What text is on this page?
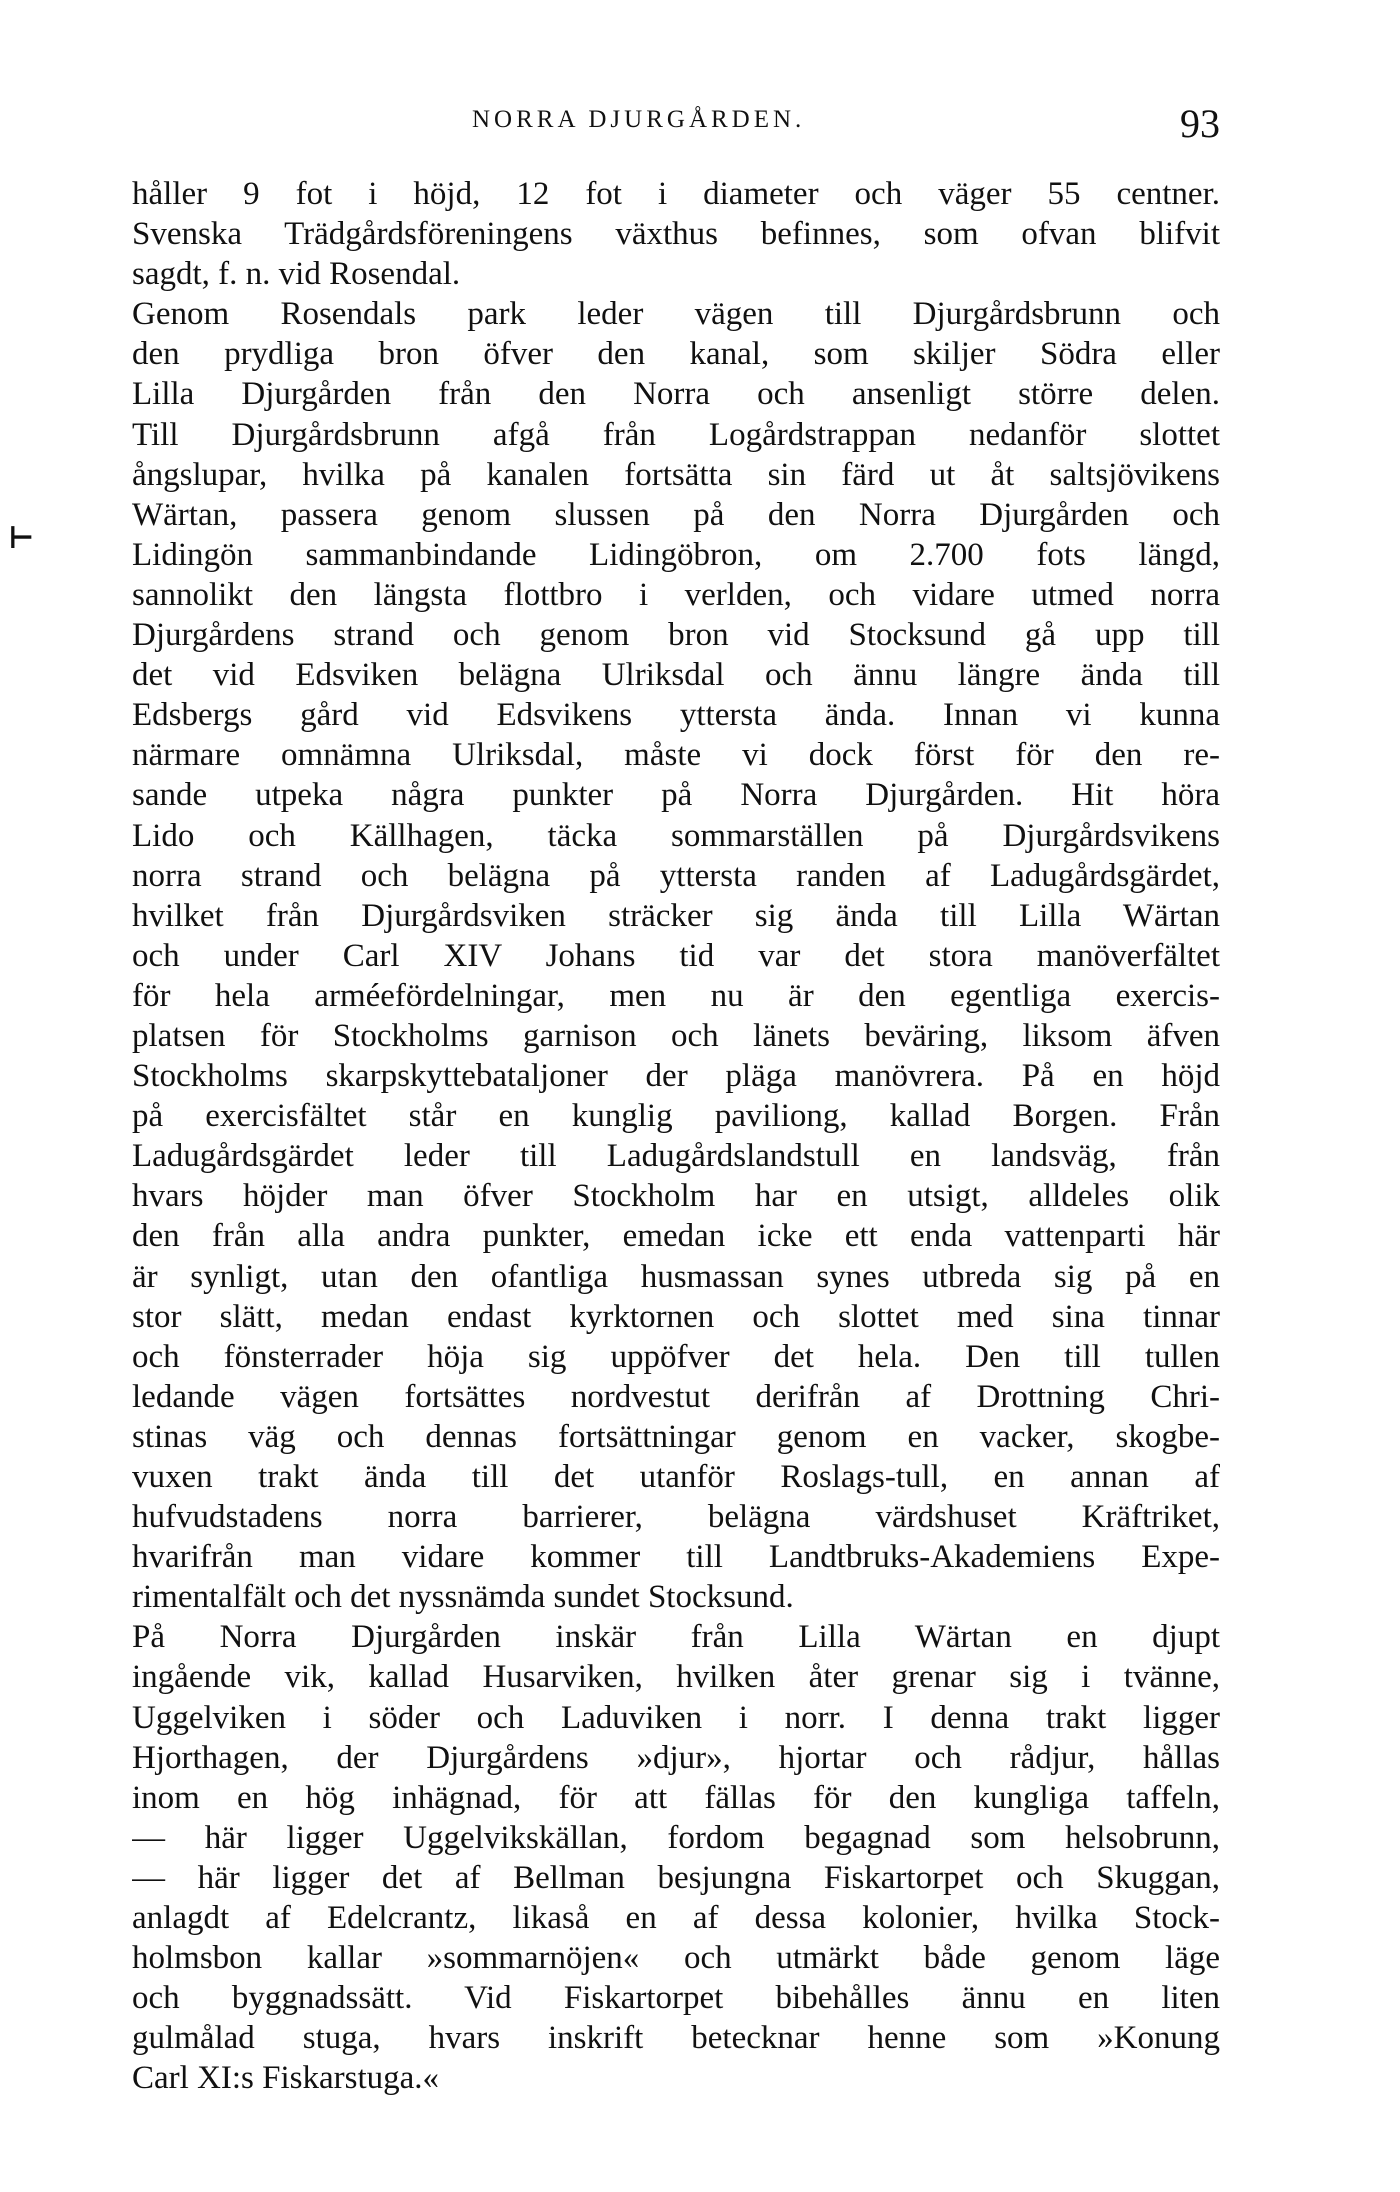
NORRA DJURGÅRDEN.	93
⊢
håller 9 fot i höjd, 12 fot i diameter och väger 55 centner.
Svenska Trädgårdsföreningens växthus befinnes, som ofvan blifvit
sagdt, f. n. vid Rosendal.
Genom Rosendals park leder vägen till Djurgårdsbrunn och
den prydliga bron öfver den kanal, som skiljer Södra eller
Lilla Djurgården från den Norra och ansenligt större delen.
Till Djurgårdsbrunn afgå från Logårdstrappan nedanför slottet
ångslupar, hvilka på kanalen fortsätta sin färd ut åt saltsjövikens
Wärtan, passera genom slussen på den Norra Djurgården och
Lidingön sammanbindande Lidingöbron, om 2.700 fots längd,
sannolikt den längsta flottbro i verlden, och vidare utmed norra
Djurgårdens strand och genom bron vid Stocksund gå upp till
det vid Edsviken belägna Ulriksdal och ännu längre ända till
Edsbergs gård vid Edsvikens yttersta ända. Innan vi kunna
närmare omnämna Ulriksdal, måste vi dock först för den re-
sande utpeka några punkter på Norra Djurgården. Hit höra
Lido och Källhagen, täcka sommarställen på Djurgårdsvikens
norra strand och belägna på yttersta randen af Ladugårdsgärdet,
hvilket från Djurgårdsviken sträcker sig ända till Lilla Wärtan
och under Carl XIV Johans tid var det stora manöverfältet
för hela arméefördelningar, men nu är den egentliga exercis-
platsen för Stockholms garnison och länets beväring, liksom äfven
Stockholms skarpskyttebataljoner der pläga manövrera. På en höjd
på exercisfältet står en kunglig paviliong, kallad Borgen. Från
Ladugårdsgärdet leder till Ladugårdslandstull en landsväg, från
hvars höjder man öfver Stockholm har en utsigt, alldeles olik
den från alla andra punkter, emedan icke ett enda vattenparti här
är synligt, utan den ofantliga husmassan synes utbreda sig på en
stor slätt, medan endast kyrktornen och slottet med sina tinnar
och fönsterrader höja sig uppöfver det hela. Den till tullen
ledande vägen fortsättes nordvestut derifrån af Drottning Chri-
stinas väg och dennas fortsättningar genom en vacker, skogbe-
vuxen trakt ända till det utanför Roslags-tull, en annan af
hufvudstadens norra barrierer, belägna värdshuset Kräftriket,
hvarifrån man vidare kommer till Landtbruks-Akademiens Expe-
rimentalfält och det nyssnämda sundet Stocksund.
På Norra Djurgården inskär från Lilla Wärtan en djupt
ingående vik, kallad Husarviken, hvilken åter grenar sig i tvänne,
Uggelviken i söder och Laduviken i norr. I denna trakt ligger
Hjorthagen, der Djurgårdens »djur», hjortar och rådjur, hållas
inom en hög inhägnad, för att fällas för den kungliga taffeln,
— här ligger Uggelvikskällan, fordom begagnad som helsobrunn,
— här ligger det af Bellman besjungna Fiskartorpet och Skuggan,
anlagdt af Edelcrantz, likaså en af dessa kolonier, hvilka Stock-
holmsbon kallar »sommarnöjen« och utmärkt både genom läge
och byggnadssätt. Vid Fiskartorpet bibehålles ännu en liten
gulmålad stuga, hvars inskrift betecknar henne som »Konung
Carl XI:s Fiskarstuga.«
